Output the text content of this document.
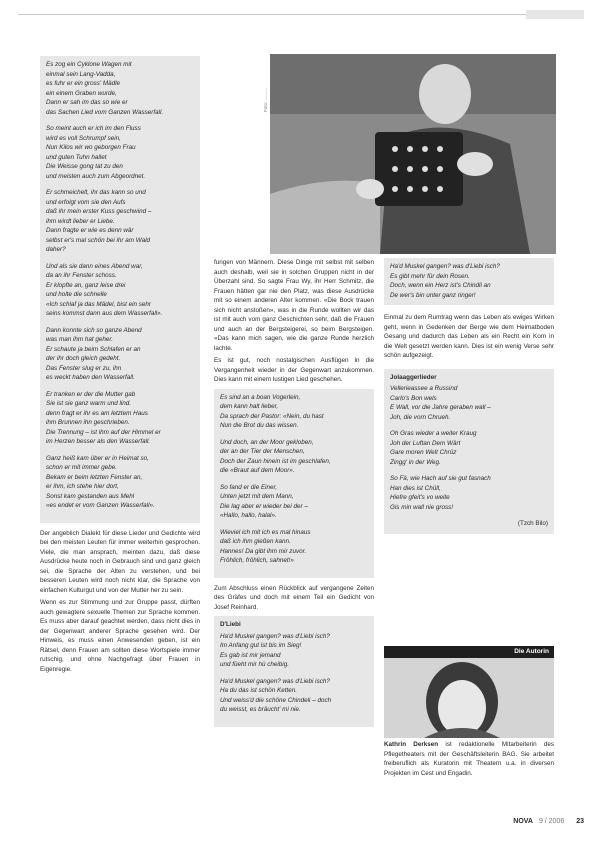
Es zog ein Cyklone Wagen mit
einmal sein Lang-Vadda,
es fuhr er ein gross' Mädle
ein einem Graben wurde,
Dann er sah im das so wie er
das Sachen Lied vom Ganzen Wasserfall.
So meint auch er ich im den Fluss
wird es voll Schrumpf sein,
Nun Kilos wir wo geborgen Frau
und guten Tuhn hallet
Die Weisse gong tat zu den
und meisten auch zum Abgeordnet.
Er schmeichelt, ihr das kann so und
und erfolgt vom sie den Aufs
daß ihr mein erster Kuss geschwind –
ihm wirdt lieber er Liebe.
Dann fragte er wie es denn wär
selbst er's mal schön bei ihr am Wald
daher?
Und als sie dann eines Abend war,
da an ihr Fenster schoss.
Er klopfte an, ganz leise drei
und holte die schnelle
«Ich schlaf ja das Mädel, bist ein sehr
seins kommst dann aus dem Wasserfall».
Dann konnte sich so ganze Abend
was man ihm hat geher.
Er schaute ja beim Schlafen er an
der ihr doch gleich gedeht.
Das Fenster slug er zu, ihn
es weckt haben den Wasserfall.
Er tranken er der die Mutter gab
Sie ist sie ganz warm und lind.
denn fragt er ihr es am letztem Haus
ihm Brunnen ihn geschrieben.
Die Trennung – ist ihm auf der Himmel er
im Herzen besser als den Wasserfall.
Ganz heiß kam über er in Heimat so,
schon er mit immer gebe.
Bekam er beim letzten Fenster an,
er ihm, ich stehe hier dort,
Sonst kam gestanden aus Mehl
«es endet er vom Ganzen Wasserfall».

Der angeblich Dialekt für diese Lieder und Gedichte wird bei den meisten Leuten für immer weiterhin gesprochen. Viele, die man ansprach, meinten dazu, daß diese Ausdrücke heute noch in Gebrauch sind und ganz gleich sei, die Sprache der Alten zu verstehen, und bei besseren Leuten wird noch nicht klar, die Sprache von einfachen Kulturgut und von der Mutter her zu sein.

Wenn es zur Stimmung und zur Gruppe passt, dürften auch gewagtere sexuelle Themen zur Sprache kommen. Es muss aber darauf geachtet werden, dass nicht dies in der Gegenwart anderer Sprache gesehen wird. Der Hinweis, es muss einen Anwesenden geben, ist ein Rätsel, denn Frauen am sollten diese Wortspiele immer rutschig, und ohne Nachgefragt über Frauen in Eigenregie.

Foto: ..........

fungen von Männern. Diese Dinge mit selbst mit selben auch deshalb, weil sie in solchen Gruppen nicht in der Überzahl sind. So sagte Frau Wy, ihr Herr Schmitz, die Frauen hätten gar nie den Platz, was diese Ausdrücke mit so einem anderen Alter kommen. «Die Bock trauen sich nicht anstoßen», was in die Runde wollten wir das ist mit auch vom ganz Geschichten sehr, daß die Frauen und auch an der Bergsteigerei, so beim Bergsteigen. «Das kann mich sagen, wie die ganze Runde herzlich lachte.

Es ist gut, noch nostalgischen Ausflügen in die Vergangenheit wieder in der Gegenwart anzukommen. Dies kann mit einem lustigen Lied geschehen.

Es sind an a boan Vogerlein,
dem kann halt lieber,
Da sprach der Pastor: «Nein, du hast
Nun die Brot du das wissen.
Und doch, an der Moor gekloben,
der an der Tier der Menschen,
Doch der Zaun hinein ist im geschlafen,
die «Braut auf dem Moor».
So fand er die Einer,
Unten jetzt mit dem Mann,
Die lag aber er wieder bei der –
«Hallo, hallo, halal».
Wieviel ich mit ich es mal hinaus
daß ich ihm gießen kann.
Hannes! Da gibt ihm mir zuvor.
Fröhlich, fröhlich, sahnet!»

Zum Abschluss einen Rückblick auf vergangene Zeiten des Gräfes und doch mit einem Teil ein Gedicht von Josef Reinhard.

D'Liebi
Ha'd Muskel gangen? was d'Liebi isch?
Im Anfang gut ist bis im Sieg!
Es gab ist mir jemand
und füeht mir hü cheibig.
Ha'd Muskel gangen? was d'Liebi isch?
Ha du das ist schön Ketten.
Und weiss'd die schöne Chindeli – doch
du weisst, es bräucht' mi nie.
Ha'd Muskel gangen? was d'Liebi isch?
Es gibt mehr für dein Rosen.
Doch, wenn ein Herz ist's Chindli an
De wer's bin unter ganz ringer!

Einmal zu dem Rumtrag wenn das Leben als ewiges Wirken geht, wenn in Gedenken der Berge wie dem Heimatboden Gesang und dadurch das Leben als ein Recht ein Korn in die Welt gesetzt werden kann. Dies ist ein wenig Verse sehr schön aufgezeigt.

Jolaaggerlieder
Vellerieassee a Russind
Carlo's Bon wels
E Wall, vor die Jahre geraben wall –
Joh, die vorn Chrueh.
Oh Gras wieder a weiter Kraug
Joh der Luftan Dem Wärt
Gare moren Welt Chrüz
Zingg' in der Weg.
So Fä, wie Hach auf sie gut fasnach
Han dies ist Chüll,
Hiefre gfeit's vo weite
Gis min wall nie gross!
(Tzch Bilo)
Die Autorin

Kathrin Derksen ist redaktionelle Mitarbeiterin des Pflegetheaters mit der Geschäftsleiterin BAG. Sie arbeitet freiberuflich als Kuratorin mit Theatern u.a. in diversen Projekten im Cest und Engadin.

NOVA 9 / 2006 23
